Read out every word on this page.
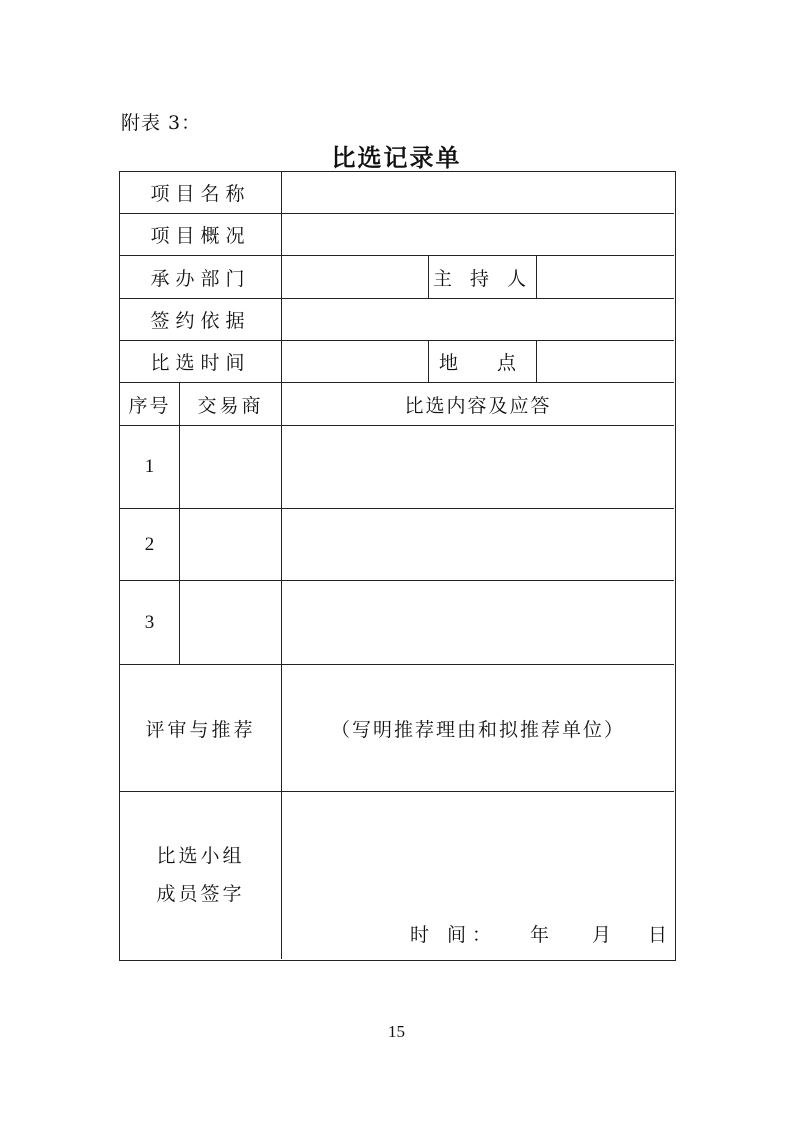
附表 3：
比选记录单
项目名称
项目概况
承办部门	主 持 人
签约依据
比选时间	地　点
序号	交易商	比选内容及应答
1
2
3
评审与推荐	（写明推荐理由和拟推荐单位）
比选小组
成员签字
时 间： 年 月 日
15
